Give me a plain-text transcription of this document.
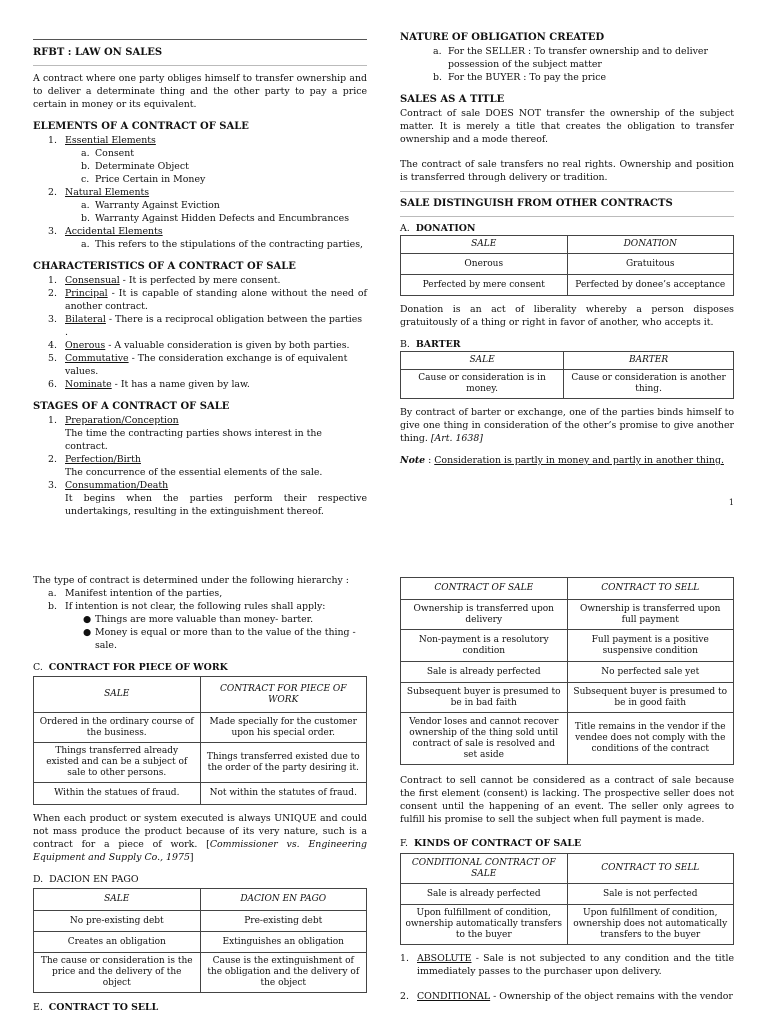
RFBT : LAW ON SALES

A contract where one party obliges himself to transfer ownership and to deliver a determinate thing and the other party to pay a price certain in money or its equivalent.

ELEMENTS OF A CONTRACT OF SALE
1. Essential Elements
a. Consent
b. Determinate Object
c. Price Certain in Money
2. Natural Elements
a. Warranty Against Eviction
b. Warranty Against Hidden Defects and Encumbrances
3. Accidental Elements
a. This refers to the stipulations of the contracting parties,
CHARACTERISTICS OF A CONTRACT OF SALE
1. Consensual - It is perfected by mere consent.
2. Principal - It is capable of standing alone without the need of another contract.
3. Bilateral - There is a reciprocal obligation between the parties .
4. Onerous - A valuable consideration is given by both parties.
5. Commutative - The consideration exchange is of equivalent values.
6. Nominate - It has a name given by law.
STAGES OF A CONTRACT OF SALE
1. Preparation/Conception
The time the contracting parties shows interest in the contract.
2. Perfection/Birth
The concurrence of the essential elements of the sale.
3. Consummation/Death
It begins when the parties perform their respective undertakings, resulting in the extinguishment thereof.
NATURE OF OBLIGATION CREATED
a. For the SELLER : To transfer ownership and to deliver possession of the subject matter
b. For the BUYER : To pay the price
SALES AS A TITLE

Contract of sale DOES NOT transfer the ownership of the subject matter. It is merely a title that creates the obligation to transfer ownership and a mode thereof.

The contract of sale transfers no real rights. Ownership and position is transferred through delivery or tradition.

SALE DISTINGUISH FROM OTHER CONTRACTS
A. DONATION
SALE	DONATION
Onerous	Gratuitous
Perfected by mere consent	Perfected by donee’s acceptance

Donation is an act of liberality whereby a person disposes gratuitously of a thing or right in favor of another, who accepts it.

B. BARTER
SALE	BARTER
Cause or consideration is in money.	Cause or consideration is another thing.

By contract of barter or exchange, one of the parties binds himself to give one thing in consideration of the other’s promise to give another thing. [Art. 1638]

Note : Consideration is partly in money and partly in another thing.

1

The type of contract is determined under the following hierarchy :

a. Manifest intention of the parties,
b. If intention is not clear, the following rules shall apply:
● Things are more valuable than money- barter.
● Money is equal or more than to the value of the thing - sale.
C. CONTRACT FOR PIECE OF WORK
SALE	CONTRACT FOR PIECE OF WORK
Ordered in the ordinary course of the business.	Made specially for the customer upon his special order.
Things transferred already existed and can be a subject of sale to other persons.	Things transferred existed due to the order of the party desiring it.
Within the statues of fraud.	Not within the statutes of fraud.

When each product or system executed is always UNIQUE and could not mass produce the product because of its very nature, such is a contract for a piece of work. [Commissioner vs. Engineering Equipment and Supply Co., 1975]

D. DACION EN PAGO
SALE	DACION EN PAGO
No pre-existing debt	Pre-existing debt
Creates an obligation	Extinguishes an obligation
The cause or consideration is the price and the delivery of the object	Cause is the extinguishment of the obligation and the delivery of the object
E. CONTRACT TO SELL
CONTRACT OF SALE	CONTRACT TO SELL
Ownership is transferred upon delivery	Ownership is transferred upon full payment
Non-payment is a resolutory condition	Full payment is a positive suspensive condition
Sale is already perfected	No perfected sale yet
Subsequent buyer is presumed to be in bad faith	Subsequent buyer is presumed to be in good faith
Vendor loses and cannot recover ownership of the thing sold until contract of sale is resolved and set aside	Title remains in the vendor if the vendee does not comply with the conditions of the contract

Contract to sell cannot be considered as a contract of sale because the first element (consent) is lacking. The prospective seller does not consent until the happening of an event. The seller only agrees to fulfill his promise to sell the subject when full payment is made.

F. KINDS OF CONTRACT OF SALE
CONDITIONAL CONTRACT OF SALE	CONTRACT TO SELL
Sale is already perfected	Sale is not perfected
Upon fulfillment of condition, ownership automatically transfers to the buyer	Upon fulfillment of condition, ownership does not automatically transfers to the buyer
1. ABSOLUTE - Sale is not subjected to any condition and the title immediately passes to the purchaser upon delivery.
2. CONDITIONAL - Ownership of the object remains with the vendor
